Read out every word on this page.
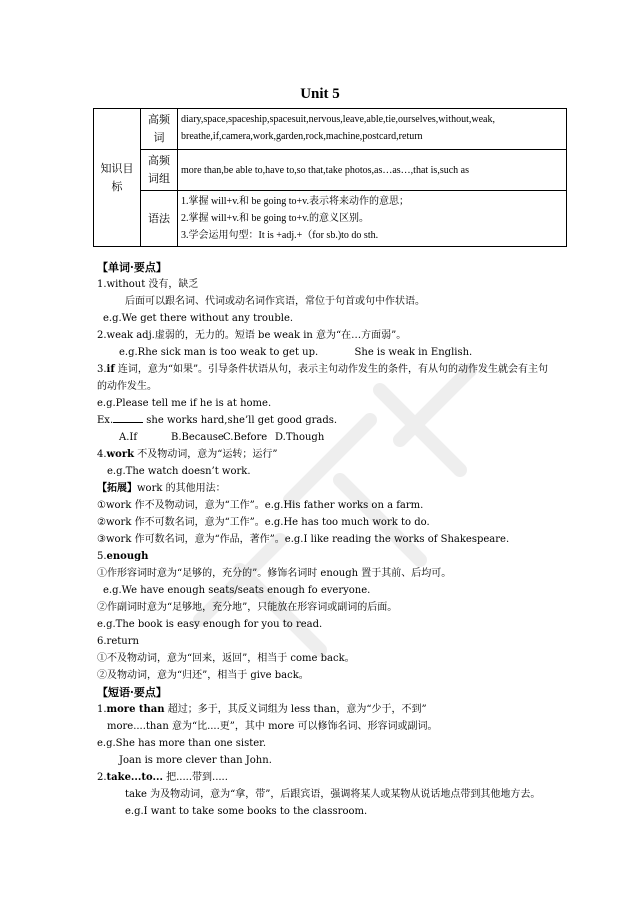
Unit 5
知识目标	高频词	diary,space,spaceship,spacesuit,nervous,leave,able,tie,ourselves,without,weak,
breathe,if,camera,work,garden,rock,machine,postcard,return

	高频词组	more than,be able to,have to,so that,take photos,as…as…,that is,such as

	语法	1.掌握 will+v.和 be going to+v.表示将来动作的意思；
2.掌握 will+v.和 be going to+v.的意义区别。
3.学会运用句型：It is +adj.+（for sb.)to do sth.
【单词·要点】
1.without 没有，缺乏
后面可以跟名词、代词或动名词作宾语，常位于句首或句中作状语。
e.g.We get there without any trouble.
2.weak adj.虚弱的，无力的。短语 be weak in 意为“在…方面弱”。
e.g.Rhe sick man is too weak to get up.	She is weak in English.
3.if 连词，意为“如果”。引导条件状语从句，表示主句动作发生的条件，有从句的动作发生就会有主句的动作发生。
e.g.Please tell me if he is at home.
Ex.	she works hard,she’ll get good grads.
A.If	B.BecauseC.Before D.Though
4.work 不及物动词，意为“运转；运行”
e.g.The watch doesn’t work.
【拓展】work 的其他用法：
①work 作不及物动词，意为“工作”。e.g.His father works on a farm.
②work 作不可数名词，意为“工作”。e.g.He has too much work to do.
③work 作可数名词，意为“作品，著作”。e.g.I like reading the works of Shakespeare.
5.enough
①作形容词时意为“足够的，充分的”。修饰名词时 enough 置于其前、后均可。
e.g.We have enough seats/seats enough fo everyone.
②作副词时意为“足够地，充分地”，只能放在形容词或副词的后面。
e.g.The book is easy enough for you to read.
6.return
①不及物动词，意为“回来，返回”，相当于 come back。
②及物动词，意为“归还”，相当于 give back。
【短语·要点】
1.more than 超过；多于，其反义词组为 less than，意为“少于，不到”
more....than 意为“比....更”，其中 more 可以修饰名词、形容词或副词。
e.g.She has more than one sister.
Joan is more clever than John.
2.take...to... 把.....带到.....
take 为及物动词，意为“拿，带”，后跟宾语，强调将某人或某物从说话地点带到其他地方去。e.g.I want to take some books to the classroom.
